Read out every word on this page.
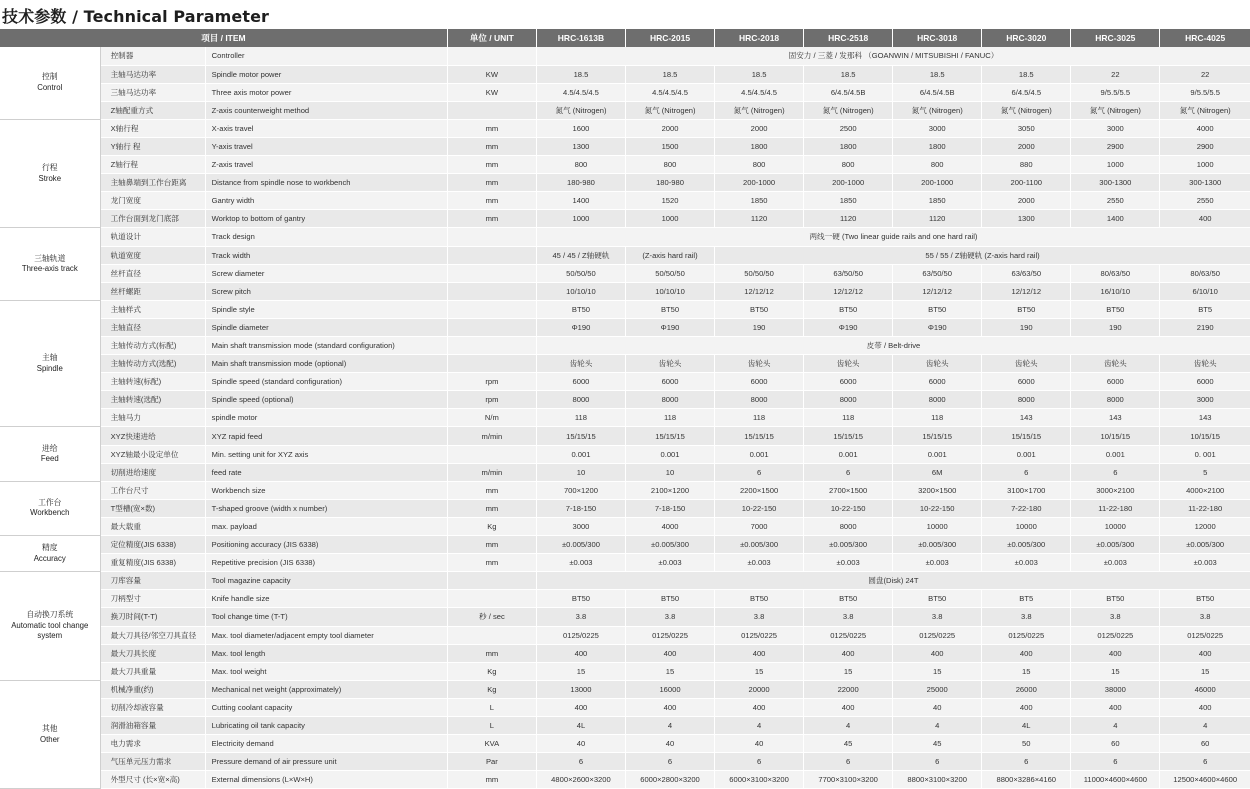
技术参数 / Technical Parameter
项目 / ITEM			单位 / UNIT	HRC-1613B	HRC-2015	HRC-2018	HRC-2518	HRC-3018	HRC-3020	HRC-3025	HRC-4025

控制
Control	控制器	Controller		固安力 / 三菱 / 发那科 （GOANWIN / MITSUBISHI / FANUC）							
	主轴马达功率	Spindle motor power	KW	18.5	18.5	18.5	18.5	18.5	18.5	22	22
	三轴马达功率	Three axis motor power	KW	4.5/4.5/4.5	4.5/4.5/4.5	4.5/4.5/4.5	6/4.5/4.5B	6/4.5/4.5B	6/4.5/4.5	9/5.5/5.5	9/5.5/5.5
	Z轴配重方式	Z-axis counterweight method		氮气 (Nitrogen)	氮气 (Nitrogen)	氮气 (Nitrogen)	氮气 (Nitrogen)	氮气 (Nitrogen)	氮气 (Nitrogen)	氮气 (Nitrogen)	氮气 (Nitrogen)

行程
Stroke	X轴行程	X-axis travel	mm	1600	2000	2000	2500	3000	3050	3000	4000
	Y轴行 程	Y-axis travel	mm	1300	1500	1800	1800	1800	2000	2900	2900
	Z轴行程	Z-axis travel	mm	800	800	800	800	800	880	1000	1000
	主轴鼻端到工作台距离	Distance from spindle nose to workbench	mm	180-980	180-980	200-1000	200-1000	200-1000	200-1100	300-1300	300-1300
	龙门宽度	Gantry width	mm	1400	1520	1850	1850	1850	2000	2550	2550
	工作台面到龙门底部	Worktop to bottom of gantry	mm	1000	1000	1120	1120	1120	1300	1400	400

三轴轨道
Three-axis track	轨道设计	Track design		两线一硬 (Two linear guide rails and one hard rail)							
	轨道宽度	Track width		45 / 45 / Z轴硬轨	(Z-axis hard rail)	55 / 55 / Z轴硬轨 (Z-axis hard rail)					
	丝杆直径	Screw diameter		50/50/50	50/50/50	50/50/50	63/50/50	63/50/50	63/63/50	80/63/50	80/63/50
	丝杆螺距	Screw pitch		10/10/10	10/10/10	12/12/12	12/12/12	12/12/12	12/12/12	16/10/10	6/10/10

主轴
Spindle	主轴样式	Spindle style		BT50	BT50	BT50	BT50	BT50	BT50	BT50	BT5
	主轴直径	Spindle diameter		Φ190	Φ190	190	Φ190	Φ190	190	190	2190
	主轴传动方式(标配)	Main shaft transmission mode (standard configuration)		皮带 / Belt-drive							
	主轴传动方式(选配)	Main shaft transmission mode (optional)		齿轮头	齿轮头	齿轮头	齿轮头	齿轮头	齿轮头	齿轮头	齿轮头
	主轴转速(标配)	Spindle speed (standard configuration)	rpm	6000	6000	6000	6000	6000	6000	6000	6000
	主轴转速(选配)	Spindle speed (optional)	rpm	8000	8000	8000	8000	8000	8000	8000	3000
	主轴马力	spindle motor	N/m	118	118	118	118	118	143	143	143

进给
Feed	XYZ快速进给	XYZ rapid feed	m/min	15/15/15	15/15/15	15/15/15	15/15/15	15/15/15	15/15/15	10/15/15	10/15/15
	XYZ轴最小设定单位	Min. setting unit for XYZ axis		0.001	0.001	0.001	0.001	0.001	0.001	0.001	0. 001
	切削进给速度	feed rate	m/min	10	10	6	6	6M	6	6	5

工作台
Workbench	工作台尺寸	Workbench size	mm	700×1200	2100×1200	2200×1500	2700×1500	3200×1500	3100×1700	3000×2100	4000×2100
	T型槽(宽×数)	T-shaped groove (width x number)	mm	7-18-150	7-18-150	10-22-150	10-22-150	10-22-150	7-22-180	11-22-180	11-22-180
	最大载重	max. payload	Kg	3000	4000	7000	8000	10000	10000	10000	12000

精度
Accuracy	定位精度(JIS 6338)	Positioning accuracy (JIS 6338)	mm	±0.005/300	±0.005/300	±0.005/300	±0.005/300	±0.005/300	±0.005/300	±0.005/300	±0.005/300
	重复精度(JIS 6338)	Repetitive precision (JIS 6338)	mm	±0.003	±0.003	±0.003	±0.003	±0.003	±0.003	±0.003	±0.003

自动换刀系统
Automatic tool change system	刀库容量	Tool magazine capacity		圆盘(Disk) 24T							
	刀柄型寸	Knife handle size		BT50	BT50	BT50	BT50	BT50	BT5	BT50	BT50
	换刀时间(T-T)	Tool change time (T-T)	秒 / sec	3.8	3.8	3.8	3.8	3.8	3.8	3.8	3.8
	最大刀具径/邻空刀具直径	Max. tool diameter/adjacent empty tool diameter		0125/0225	0125/0225	0125/0225	0125/0225	0125/0225	0125/0225	0125/0225	0125/0225
	最大刀具长度	Max. tool length	mm	400	400	400	400	400	400	400	400
	最大刀具重量	Max. tool weight	Kg	15	15	15	15	15	15	15	15

其他
Other	机械净重(约)	Mechanical net weight (approximately)	Kg	13000	16000	20000	22000	25000	26000	38000	46000
	切削冷却液容量	Cutting coolant capacity	L	400	400	400	400	40	400	400	400
	润滑油箱容量	Lubricating oil tank capacity	L	4L	4	4	4	4	4L	4	4
	电力需求	Electricity demand	KVA	40	40	40	45	45	50	60	60
	气压单元压力需求	Pressure demand of air pressure unit	Par	6	6	6	6	6	6	6	6
	外型尺寸 (长×宽×高)	External dimensions (L×W×H)	mm	4800×2600×3200	6000×2800×3200	6000×3100×3200	7700×3100×3200	8800×3100×3200	8800×3286×4160	11000×4600×4600	12500×4600×4600
